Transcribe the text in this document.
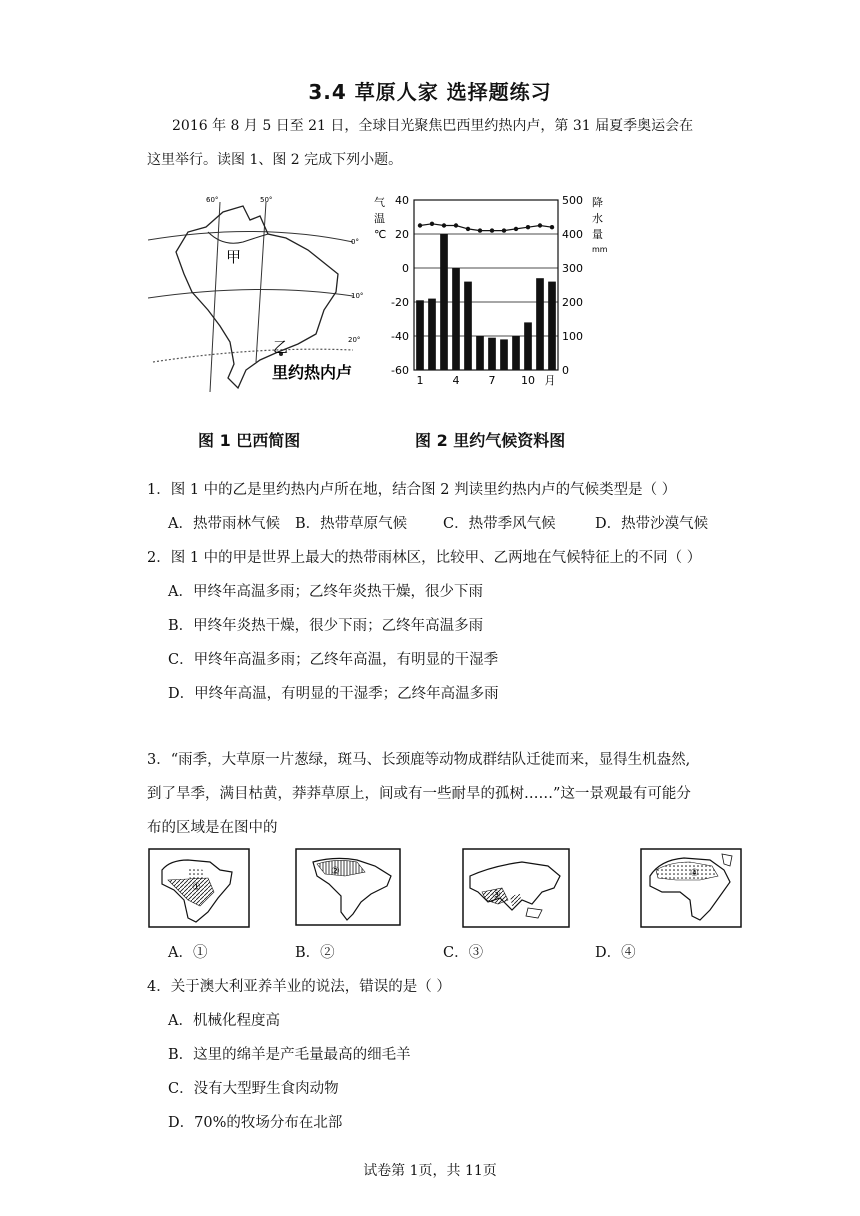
3.4 草原人家 选择题练习
2016 年 8 月 5 日至 21 日，全球目光聚焦巴西里约热内卢，第 31 届夏季奥运会在
这里举行。读图 1、图 2 完成下列小题。
60°	50°
0°
10°
20°
甲
乙
里约热内卢
图 1 巴西简图
40
20
0
-20
-40
-60
500
400
300
200
100
0
1	4	7 10 月
气
温
℃
降
水
量
mm
图 2 里约气候资料图
1．图 1 中的乙是里约热内卢所在地，结合图 2 判读里约热内卢的气候类型是（ ）
A．热带雨林气候 B．热带草原气候 C．热带季风气候	D．热带沙漠气候
2．图 1 中的甲是世界上最大的热带雨林区，比较甲、乙两地在气候特征上的不同（ ）
A．甲终年高温多雨；乙终年炎热干燥，很少下雨
B．甲终年炎热干燥，很少下雨；乙终年高温多雨
C．甲终年高温多雨；乙终年高温，有明显的干湿季
D．甲终年高温，有明显的干湿季；乙终年高温多雨
3．“雨季，大草原一片葱绿，斑马、长颈鹿等动物成群结队迁徙而来，显得生机盎然,
到了旱季，满目枯黄，莽莽草原上，间或有一些耐旱的孤树……”这一景观最有可能分
布的区域是在图中的
①
②
③
④
A．①	B．②	C．③	D．④
4．关于澳大利亚养羊业的说法，错误的是（ ）
A．机械化程度高
B．这里的绵羊是产毛量最高的细毛羊
C．没有大型野生食肉动物
D．70%的牧场分布在北部
试卷第 1页，共 11页
